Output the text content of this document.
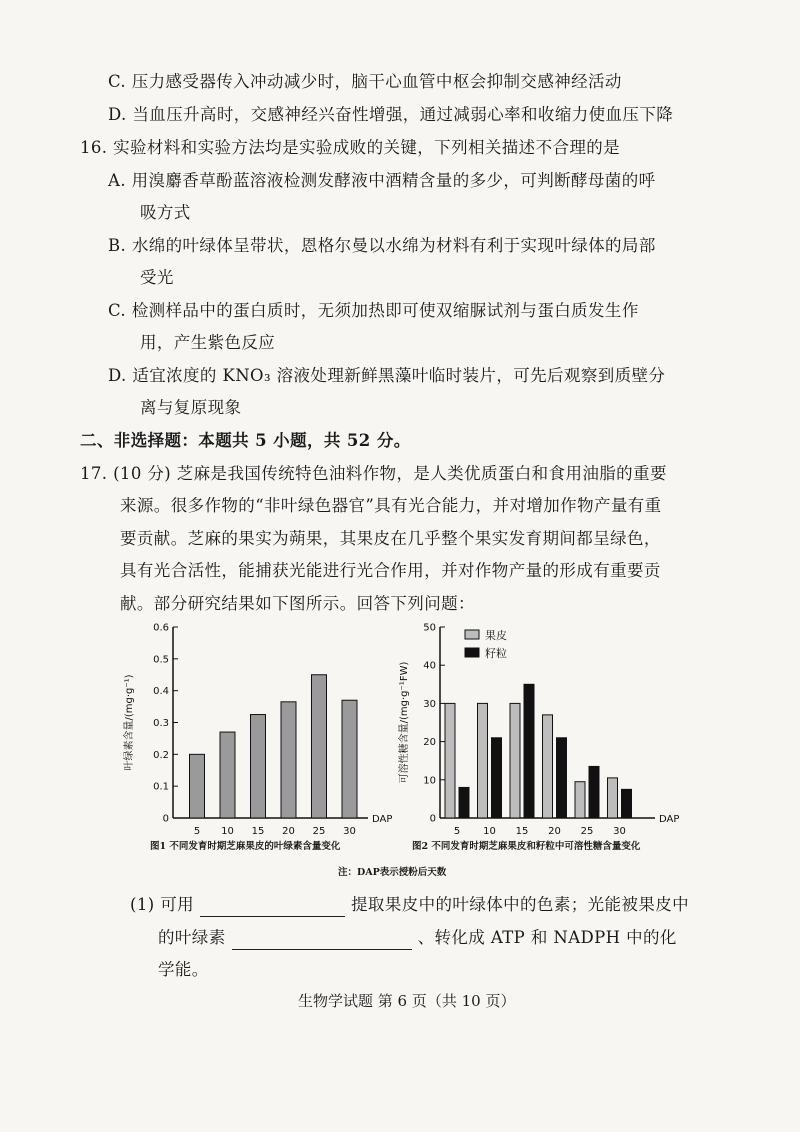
C. 压力感受器传入冲动减少时，脑干心血管中枢会抑制交感神经活动
D. 当血压升高时，交感神经兴奋性增强，通过减弱心率和收缩力使血压下降
16. 实验材料和实验方法均是实验成败的关键，下列相关描述不合理的是
A. 用溴麝香草酚蓝溶液检测发酵液中酒精含量的多少，可判断酵母菌的呼
吸方式
B. 水绵的叶绿体呈带状，恩格尔曼以水绵为材料有利于实现叶绿体的局部
受光
C. 检测样品中的蛋白质时，无须加热即可使双缩脲试剂与蛋白质发生作
用，产生紫色反应
D. 适宜浓度的 KNO₃ 溶液处理新鲜黑藻叶临时装片，可先后观察到质壁分
离与复原现象
二、非选择题：本题共 5 小题，共 52 分。
17. (10 分) 芝麻是我国传统特色油料作物，是人类优质蛋白和食用油脂的重要
来源。很多作物的“非叶绿色器官”具有光合能力，并对增加作物产量有重
要贡献。芝麻的果实为蒴果，其果皮在几乎整个果实发育期间都呈绿色，
具有光合活性，能捕获光能进行光合作用，并对作物产量的形成有重要贡
献。部分研究结果如下图所示。回答下列问题：
0
0.1
0.2
0.3
0.4
0.5
0.6
叶绿素含量/(mg·g⁻¹)
DAP
5 10 15 20 25 30
0
10
20
30
40
50
可溶性糖含量/(mg·g⁻¹FW)
DAP
5 10 15 20 25 30
果皮
籽粒
图1 不同发育时期芝麻果皮的叶绿素含量变化	图2 不同发育时期芝麻果皮和籽粒中可溶性糖含量变化
注：DAP表示授粉后天数
(1) 可用	提取果皮中的叶绿体中的色素；光能被果皮中
的叶绿素	、转化成 ATP 和 NADPH 中的化
学能。
生物学试题 第 6 页（共 10 页）
